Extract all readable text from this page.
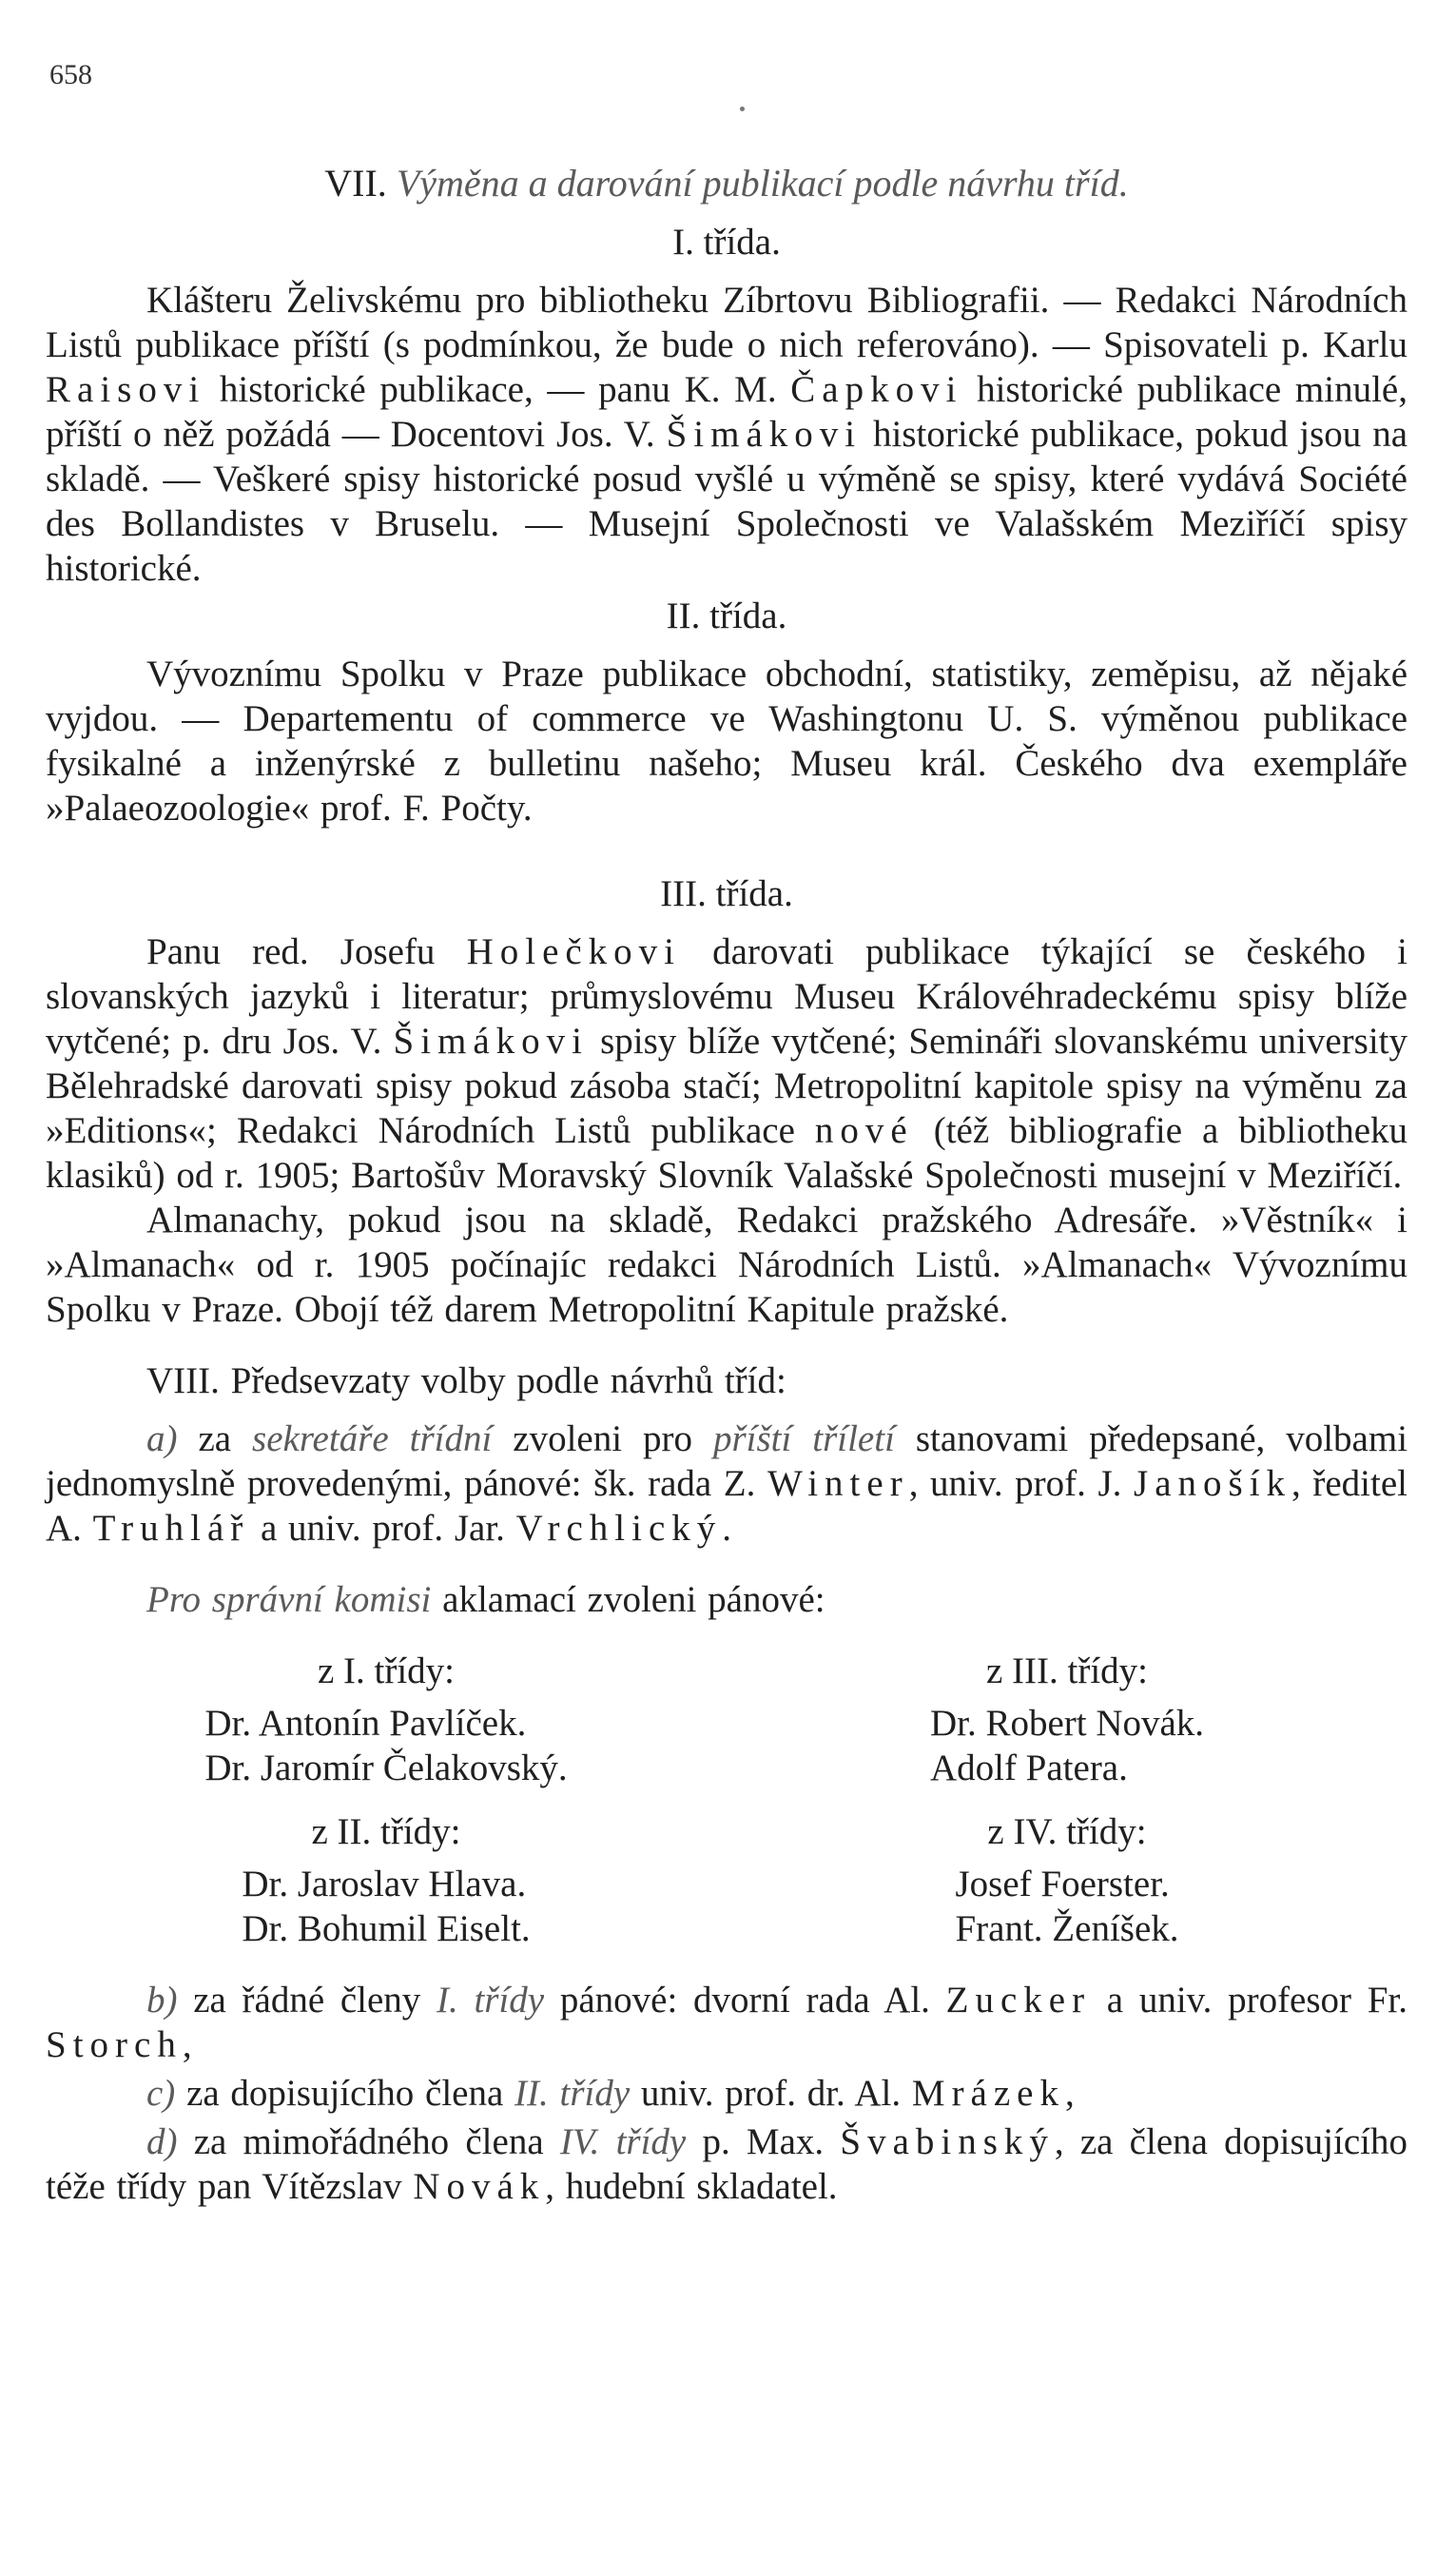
658

VII. Výměna a darování publikací podle návrhu tříd.

I. třída.

Klášteru Želivskému pro bibliotheku Zíbrtovu Bibliografii. — Redakci Národních Listů publikace příští (s podmínkou, že bude o nich referováno). — Spisovateli p. Karlu Raisovi historické publikace, — panu K. M. Čapkovi historické publikace minulé, příští o něž požádá — Docentovi Jos. V. Šimákovi historické publikace, pokud jsou na skladě. — Veškeré spisy historické posud vyšlé u výměně se spisy, které vydává Société des Bollandistes v Bruselu. — Musejní Společnosti ve Valašském Meziříčí spisy historické.

II. třída.

Vývoznímu Spolku v Praze publikace obchodní, statistiky, zeměpisu, až nějaké vyjdou. — Departementu of commerce ve Washingtonu U. S. výměnou publikace fysikalné a inženýrské z bulletinu našeho; Museu král. Českého dva exempláře »Palaeozoologie« prof. F. Počty.

III. třída.

Panu red. Josefu Holečkovi darovati publikace týkající se českého i slovanských jazyků i literatur; průmyslovému Museu Královéhradeckému spisy blíže vytčené; p. dru Jos. V. Šimákovi spisy blíže vytčené; Semináři slovanskému university Bělehradské darovati spisy pokud zásoba stačí; Metropolitní kapitole spisy na výměnu za »Editions«; Redakci Národních Listů publikace nové (též bibliografie a bibliotheku klasiků) od r. 1905; Bartošův Moravský Slovník Valašské Společnosti musejní v Meziříčí.

Almanachy, pokud jsou na skladě, Redakci pražského Adresáře. »Věstník« i »Almanach« od r. 1905 počínajíc redakci Národních Listů. »Almanach« Vývoznímu Spolku v Praze. Obojí též darem Metropolitní Kapitule pražské.

VIII. Předsevzaty volby podle návrhů tříd:

a) za sekretáře třídní zvoleni pro příští tříletí stanovami předepsané, volbami jednomyslně provedenými, pánové: šk. rada Z. Winter, univ. prof. J. Janošík, ředitel A. Truhlář a univ. prof. Jar. Vrchlický.

Pro správní komisi aklamací zvoleni pánové:

z I. třídy:
Dr. Antonín Pavlíček.
Dr. Jaromír Čelakovský.
z III. třídy:
Dr. Robert Novák.
Adolf Patera.
z II. třídy:
Dr. Jaroslav Hlava.
Dr. Bohumil Eiselt.
z IV. třídy:
Josef Foerster.
Frant. Ženíšek.

b) za řádné členy I. třídy pánové: dvorní rada Al. Zucker a univ. profesor Fr. Storch,

c) za dopisujícího člena II. třídy univ. prof. dr. Al. Mrázek,

d) za mimořádného člena IV. třídy p. Max. Švabinský, za člena dopisujícího téže třídy pan Vítězslav Novák, hudební skladatel.
